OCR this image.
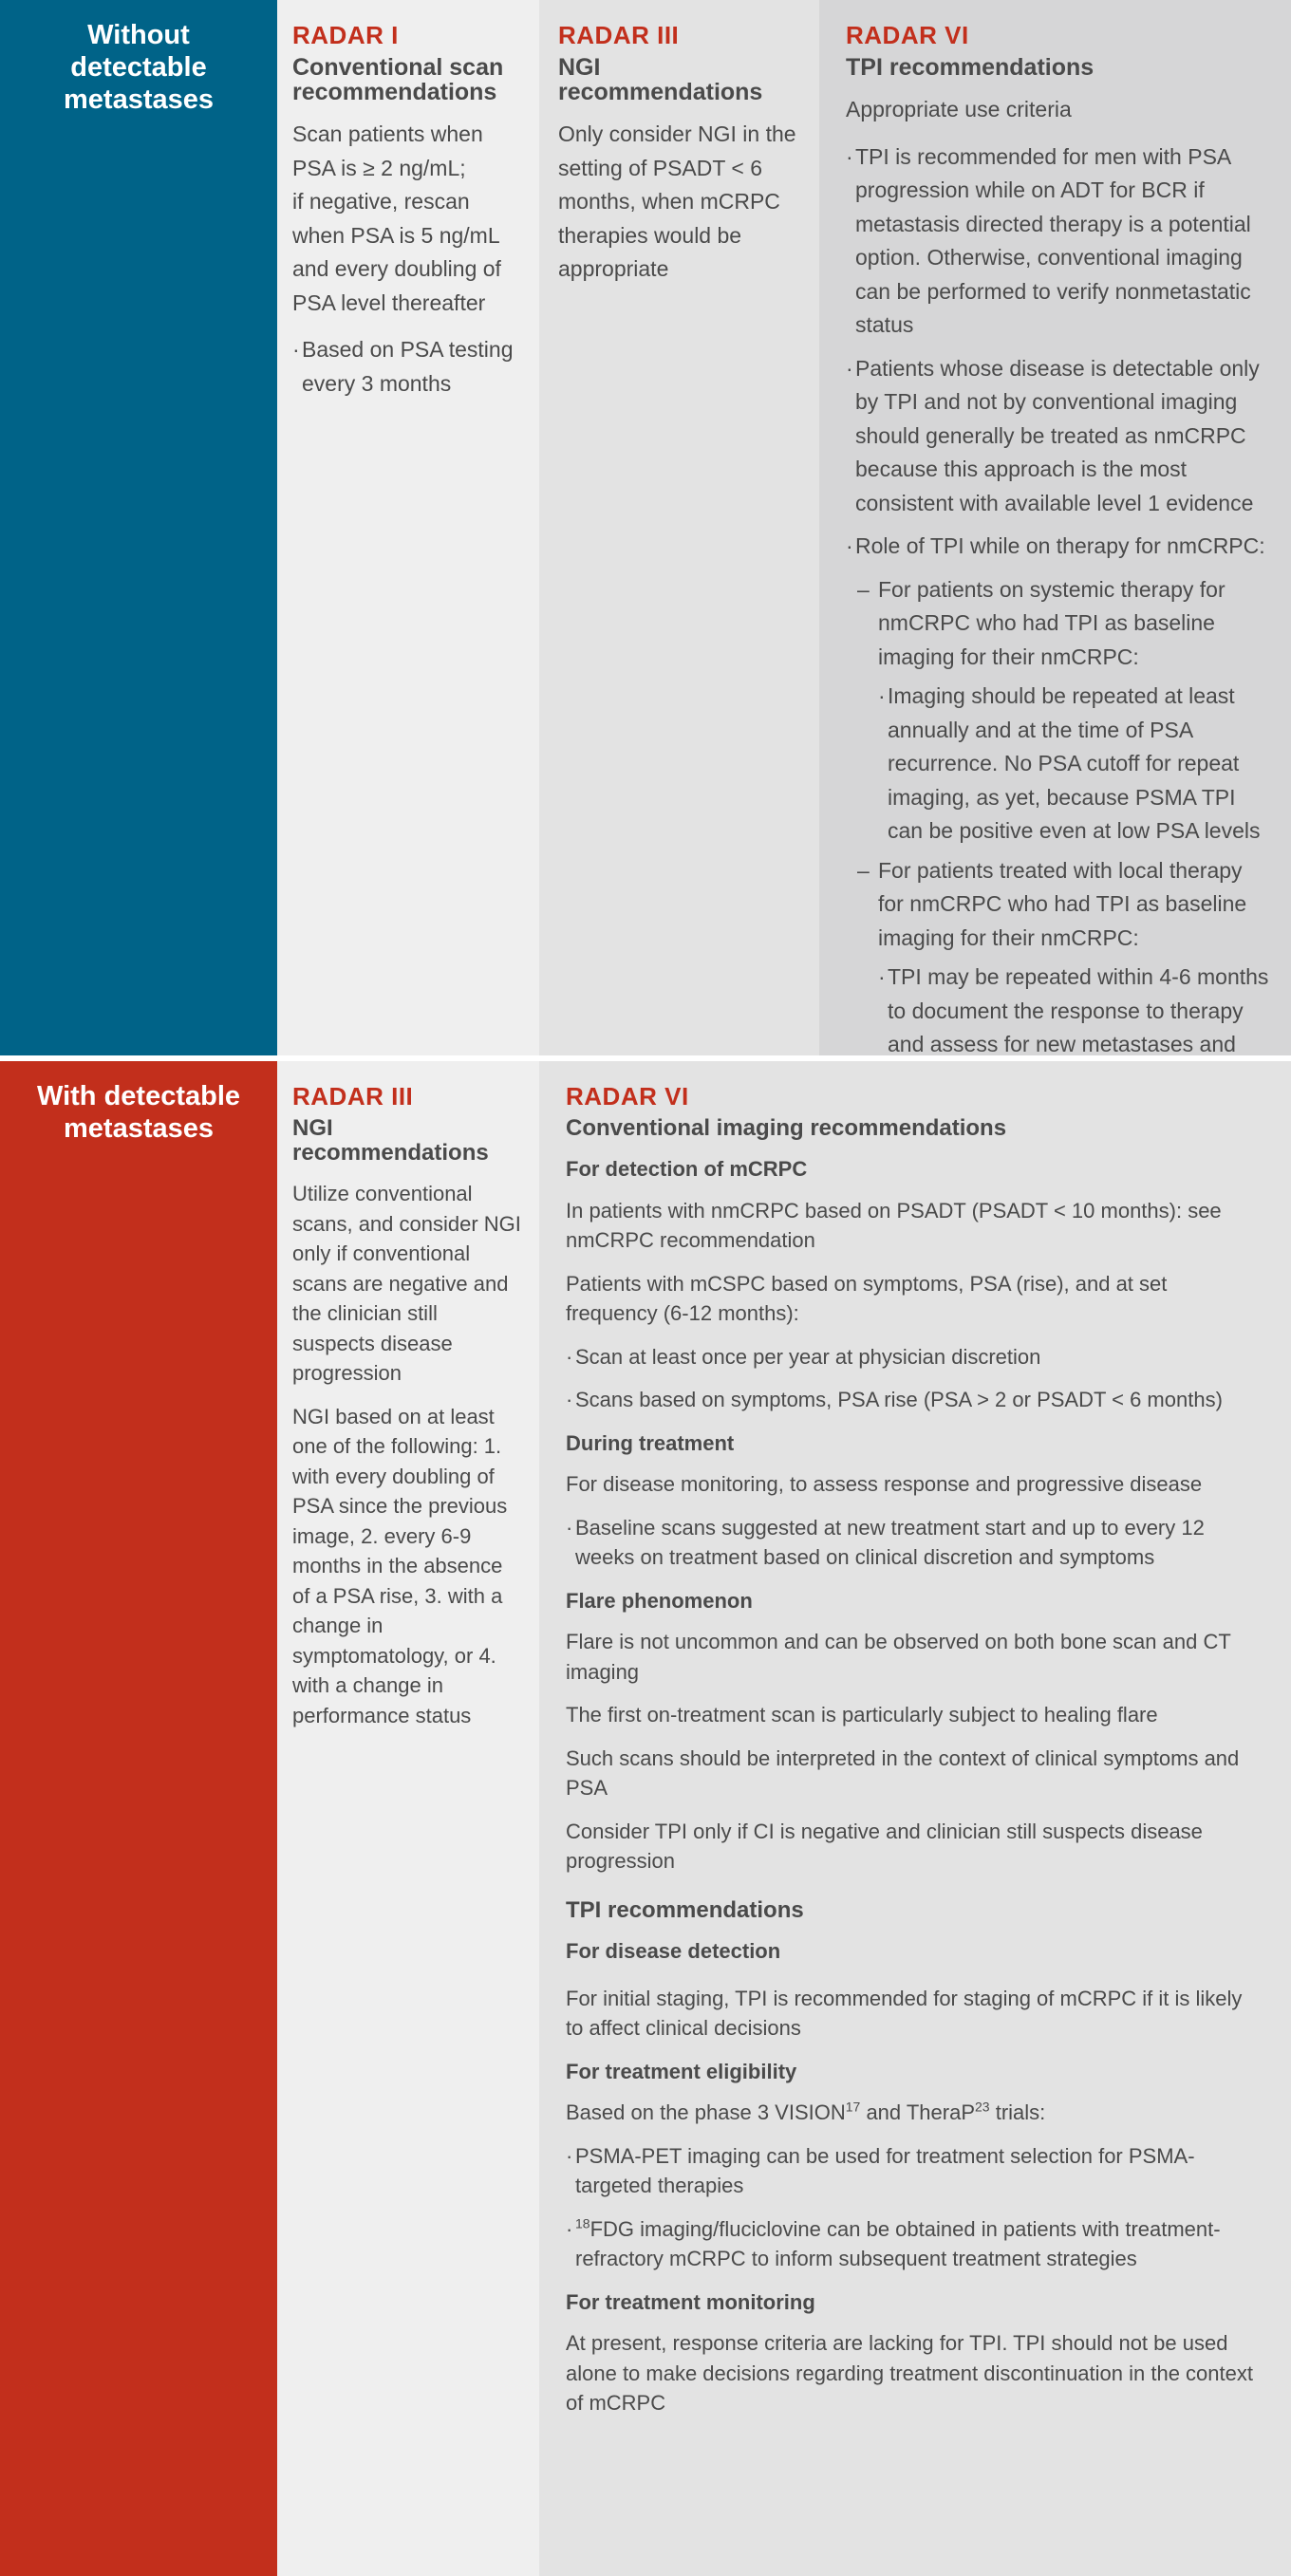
Without detectable metastases
RADAR I
Conventional scan recommendations
Scan patients when PSA is ≥ 2 ng/mL;
if negative, rescan when PSA is 5 ng/mL and every doubling of PSA level thereafter
· Based on PSA testing every 3 months
RADAR III
NGI recommendations
Only consider NGI in the setting of PSADT < 6 months, when mCRPC therapies would be appropriate
RADAR VI
TPI recommendations
Appropriate use criteria
· TPI is recommended for men with PSA progression while on ADT for BCR if metastasis directed therapy is a potential option. Otherwise, conventional imaging can be performed to verify nonmetastatic status
· Patients whose disease is detectable only by TPI and not by conventional imaging should generally be treated as nmCRPC because this approach is the most consistent with available level 1 evidence
· Role of TPI while on therapy for nmCRPC:
– For patients on systemic therapy for nmCRPC who had TPI as baseline imaging for their nmCRPC:
· Imaging should be repeated at least annually and at the time of PSA recurrence. No PSA cutoff for repeat imaging, as yet, because PSMA TPI can be positive even at low PSA levels
– For patients treated with local therapy for nmCRPC who had TPI as baseline imaging for their nmCRPC:
· TPI may be repeated within 4-6 months to document the response to therapy and assess for new metastases and
With detectable metastases
RADAR III
NGI recommendations
Utilize conventional scans, and consider NGI only if conventional scans are negative and the clinician still suspects disease progression
NGI based on at least one of the following: 1. with every doubling of PSA since the previous image, 2. every 6-9 months in the absence of a PSA rise, 3. with a change in symptomatology, or 4. with a change in performance status
RADAR VI
Conventional imaging recommendations
For detection of mCRPC
In patients with nmCRPC based on PSADT (PSADT < 10 months): see nmCRPC recommendation
Patients with mCSPC based on symptoms, PSA (rise), and at set frequency (6-12 months):
· Scan at least once per year at physician discretion
· Scans based on symptoms, PSA rise (PSA > 2 or PSADT < 6 months)
During treatment
For disease monitoring, to assess response and progressive disease
· Baseline scans suggested at new treatment start and up to every 12 weeks on treatment based on clinical discretion and symptoms
Flare phenomenon
Flare is not uncommon and can be observed on both bone scan and CT imaging
The first on-treatment scan is particularly subject to healing flare
Such scans should be interpreted in the context of clinical symptoms and PSA
Consider TPI only if CI is negative and clinician still suspects disease progression
TPI recommendations
For disease detection
For initial staging, TPI is recommended for staging of mCRPC if it is likely to affect clinical decisions
For treatment eligibility
Based on the phase 3 VISION$^{17}$ and TheraP$^{23}$ trials:
· PSMA-PET imaging can be used for treatment selection for PSMA-targeted therapies
· $^{18}$FDG imaging/fluciclovine can be obtained in patients with treatment-refractory mCRPC to inform subsequent treatment strategies
For treatment monitoring
At present, response criteria are lacking for TPI. TPI should not be used alone to make decisions regarding treatment discontinuation in the context of mCRPC
